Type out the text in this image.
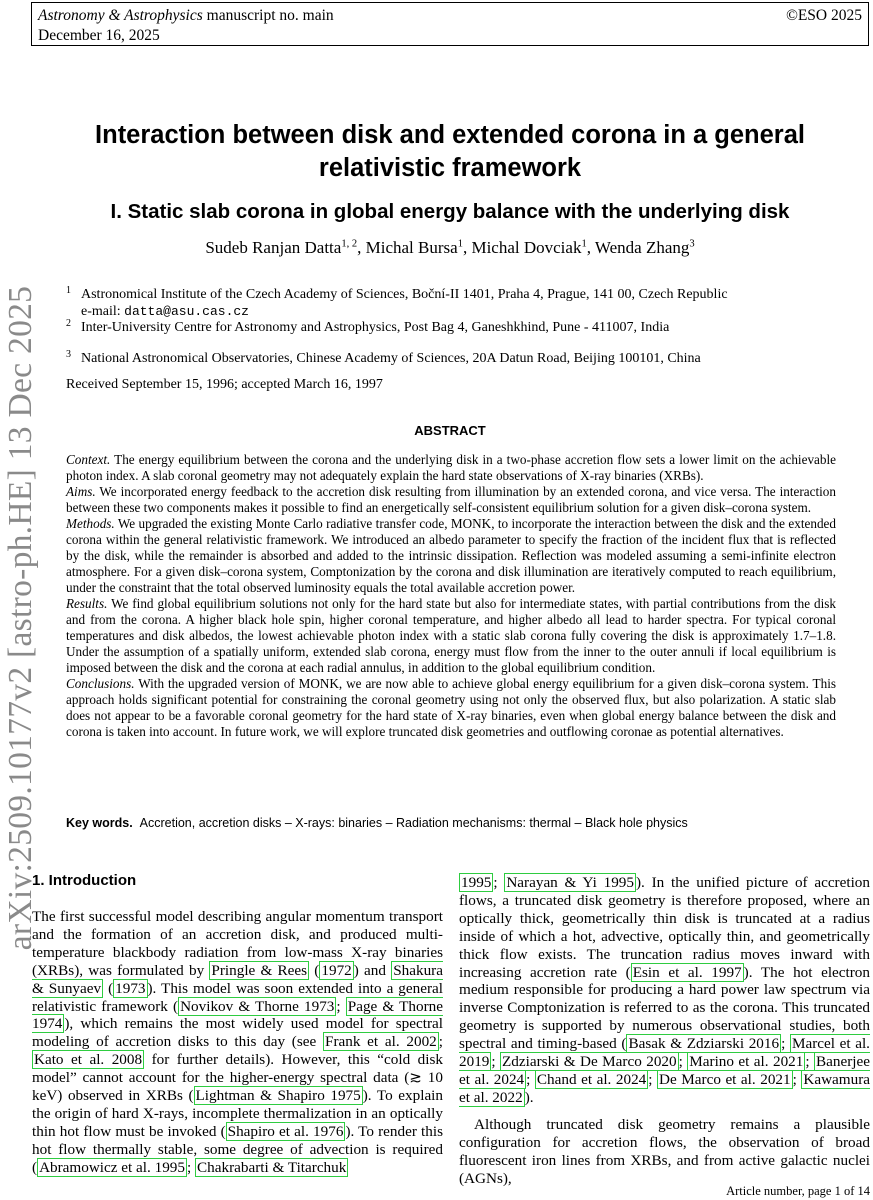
Astronomy & Astrophysics manuscript no. main	©ESO 2025
December 16, 2025
arXiv:2509.10177v2 [astro-ph.HE] 13 Dec 2025
Interaction between disk and extended corona in a general
relativistic framework
I. Static slab corona in global energy balance with the underlying disk
Sudeb Ranjan Datta$^{1, 2}$, Michal Bursa$^1$, Michal Dovciak$^1$, Wenda Zhang$^3$
1 Astronomical Institute of the Czech Academy of Sciences, Boční-II 1401, Praha 4, Prague, 141 00, Czech Republic
e-mail: datta@asu.cas.cz
2 Inter-University Centre for Astronomy and Astrophysics, Post Bag 4, Ganeshkhind, Pune - 411007, India
3 National Astronomical Observatories, Chinese Academy of Sciences, 20A Datun Road, Beijing 100101, China
Received September 15, 1996; accepted March 16, 1997
ABSTRACT

Context. The energy equilibrium between the corona and the underlying disk in a two-phase accretion flow sets a lower limit on the achievable photon index. A slab coronal geometry may not adequately explain the hard state observations of X-ray binaries (XRBs).

Aims. We incorporated energy feedback to the accretion disk resulting from illumination by an extended corona, and vice versa. The interaction between these two components makes it possible to find an energetically self-consistent equilibrium solution for a given disk–corona system.

Methods. We upgraded the existing Monte Carlo radiative transfer code, MONK, to incorporate the interaction between the disk and the extended corona within the general relativistic framework. We introduced an albedo parameter to specify the fraction of the incident flux that is reflected by the disk, while the remainder is absorbed and added to the intrinsic dissipation. Reflection was modeled assuming a semi-infinite electron atmosphere. For a given disk–corona system, Comptonization by the corona and disk illumination are iteratively computed to reach equilibrium, under the constraint that the total observed luminosity equals the total available accretion power.

Results. We find global equilibrium solutions not only for the hard state but also for intermediate states, with partial contributions from the disk and from the corona. A higher black hole spin, higher coronal temperature, and higher albedo all lead to harder spectra. For typical coronal temperatures and disk albedos, the lowest achievable photon index with a static slab corona fully covering the disk is approximately 1.7–1.8. Under the assumption of a spatially uniform, extended slab corona, energy must flow from the inner to the outer annuli if local equilibrium is imposed between the disk and the corona at each radial annulus, in addition to the global equilibrium condition.

Conclusions. With the upgraded version of MONK, we are now able to achieve global energy equilibrium for a given disk–corona system. This approach holds significant potential for constraining the coronal geometry using not only the observed flux, but also polarization. A static slab does not appear to be a favorable coronal geometry for the hard state of X-ray binaries, even when global energy balance between the disk and corona is taken into account. In future work, we will explore truncated disk geometries and outflowing coronae as potential alternatives.

Key words. Accretion, accretion disks – X-rays: binaries – Radiation mechanisms: thermal – Black hole physics
1. Introduction

The first successful model describing angular momentum transport and the formation of an accretion disk, and produced multi-temperature blackbody radiation from low-mass X-ray binaries (XRBs), was formulated by Pringle & Rees ( 1972 ) and Shakura & Sunyaev ( 1973 ). This model was soon extended into a general relativistic framework ( Novikov & Thorne 1973 ; Page & Thorne 1974 ), which remains the most widely used model for spectral modeling of accretion disks to this day (see Frank et al. 2002 ; Kato et al. 2008 for further details). However, this “cold disk model” cannot account for the higher-energy spectral data (≳ 10 keV) observed in XRBs ( Lightman & Shapiro 1975 ). To explain the origin of hard X-rays, incomplete thermalization in an optically thin hot flow must be invoked ( Shapiro et al. 1976 ). To render this hot flow thermally stable, some degree of advection is required ( Abramowicz et al. 1995 ; Chakrabarti & Titarchuk

1995 ; Narayan & Yi 1995 ). In the unified picture of accretion flows, a truncated disk geometry is therefore proposed, where an optically thick, geometrically thin disk is truncated at a radius inside of which a hot, advective, optically thin, and geometrically thick flow exists. The truncation radius moves inward with increasing accretion rate ( Esin et al. 1997 ). The hot electron medium responsible for producing a hard power law spectrum via inverse Comptonization is referred to as the corona. This truncated geometry is supported by numerous observational studies, both spectral and timing-based ( Basak & Zdziarski 2016 ; Marcel et al. 2019 ; Zdziarski & De Marco 2020 ; Marino et al. 2021 ; Banerjee et al. 2024 ; Chand et al. 2024 ; De Marco et al. 2021 ; Kawamura et al. 2022 ).

Although truncated disk geometry remains a plausible configuration for accretion flows, the observation of broad fluorescent iron lines from XRBs, and from active galactic nuclei (AGNs),

Article number, page 1 of 14
